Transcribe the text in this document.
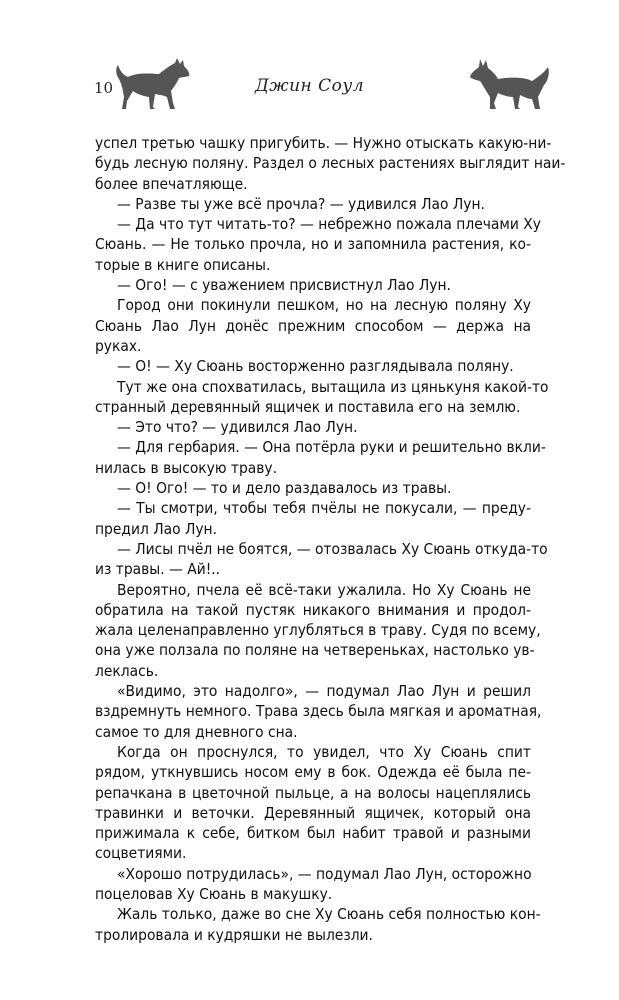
10	Джин Соул
успел третью чашку пригубить. — Нужно отыскать какую-ни-
будь лесную поляну. Раздел о лесных растениях выглядит наи-
более впечатляюще.
— Разве ты уже всё прочла? — удивился Лао Лун.
— Да что тут читать-то? — небрежно пожала плечами Ху
Сюань. — Не только прочла, но и запомнила растения, ко-
торые в книге описаны.
— Ого! — с уважением присвистнул Лао Лун.
Город они покинули пешком, но на лесную поляну Ху
Сюань Лао Лун донёс прежним способом — держа на
руках.
— О! — Ху Сюань восторженно разглядывала поляну.
Тут же она спохватилась, вытащила из цянькуня какой-то
странный деревянный ящичек и поставила его на землю.
— Это что? — удивился Лао Лун.
— Для гербария. — Она потёрла руки и решительно вкли-
нилась в высокую траву.
— О! Ого! — то и дело раздавалось из травы.
— Ты смотри, чтобы тебя пчёлы не покусали, — преду-
предил Лао Лун.
— Лисы пчёл не боятся, — отозвалась Ху Сюань откуда-то
из травы. — Ай!..
Вероятно, пчела её всё-таки ужалила. Но Ху Сюань не
обратила на такой пустяк никакого внимания и продол-
жала целенаправленно углубляться в траву. Судя по всему,
она уже ползала по поляне на четвереньках, настолько ув-
леклась.
«Видимо, это надолго», — подумал Лао Лун и решил
вздремнуть немного. Трава здесь была мягкая и ароматная,
самое то для дневного сна.
Когда он проснулся, то увидел, что Ху Сюань спит
рядом, уткнувшись носом ему в бок. Одежда её была пе-
репачкана в цветочной пыльце, а на волосы нацеплялись
травинки и веточки. Деревянный ящичек, который она
прижимала к себе, битком был набит травой и разными
соцветиями.
«Хорошо потрудилась», — подумал Лао Лун, осторожно
поцеловав Ху Сюань в макушку.
Жаль только, даже во сне Ху Сюань себя полностью кон-
тролировала и кудряшки не вылезли.
